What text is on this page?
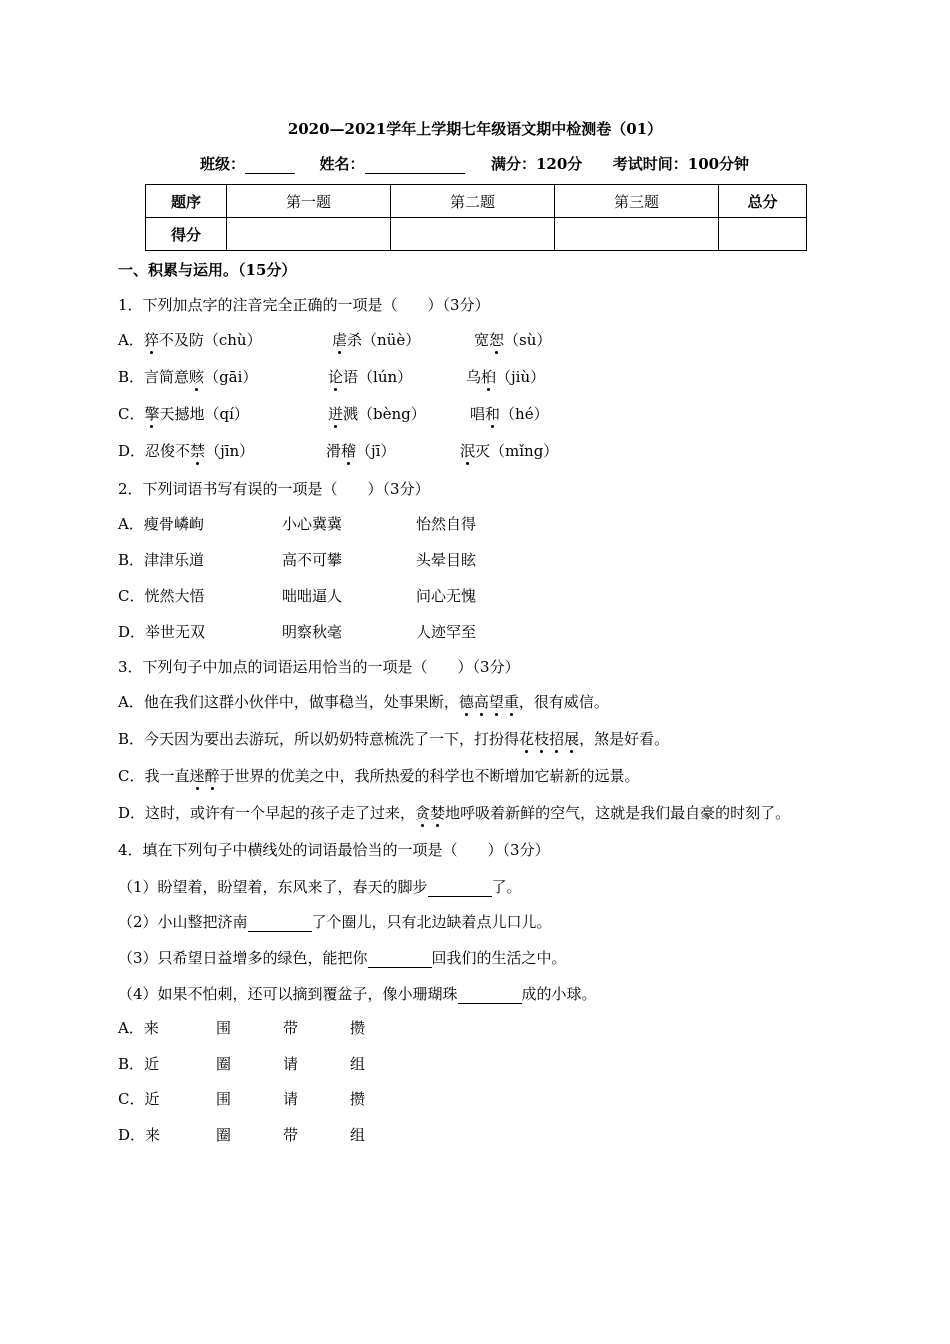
2020—2021学年上学期七年级语文期中检测卷（01）
班级：	姓名：	满分：120分 考试时间：100分钟
题序	第一题	第二题	第三题	总分
得分				
一、积累与运用。（15分）
1．下列加点字的注音完全正确的一项是（　　）（3分）
A．猝不及防（chù）	虐杀（nüè）	宽恕（sù）
B．言简意赅（gāi）	论语（lún）	乌桕（jiù）
C．擎天撼地（qí）	迸溅（bèng）	唱和（hé）
D．忍俊不禁（jīn）	滑稽（jī）	泯灭（mǐng）
2．下列词语书写有误的一项是（　　）（3分）
A．瘦骨嶙峋	小心冀冀	怡然自得
B．津津乐道	高不可攀	头晕目眩
C．恍然大悟	咄咄逼人	问心无愧
D．举世无双	明察秋毫	人迹罕至
3．下列句子中加点的词语运用恰当的一项是（　　）（3分）
A．他在我们这群小伙伴中，做事稳当，处事果断，德高望重，很有威信。
B．今天因为要出去游玩，所以奶奶特意梳洗了一下，打扮得花枝招展，煞是好看。
C．我一直迷醉于世界的优美之中，我所热爱的科学也不断增加它崭新的远景。
D．这时，或许有一个早起的孩子走了过来，贪婪地呼吸着新鲜的空气，这就是我们最自豪的时刻了。
4．填在下列句子中横线处的词语最恰当的一项是（　　）（3分）
（1）盼望着，盼望着，东风来了，春天的脚步	了。
（2）小山整把济南	了个圈儿，只有北边缺着点儿口儿。
（3）只希望日益增多的绿色，能把你	回我们的生活之中。
（4）如果不怕刺，还可以摘到覆盆子，像小珊瑚珠	成的小球。
A．来	围	带	攒
B．近	圈	请	组
C．近	围	请	攒
D．来	圈	带	组
